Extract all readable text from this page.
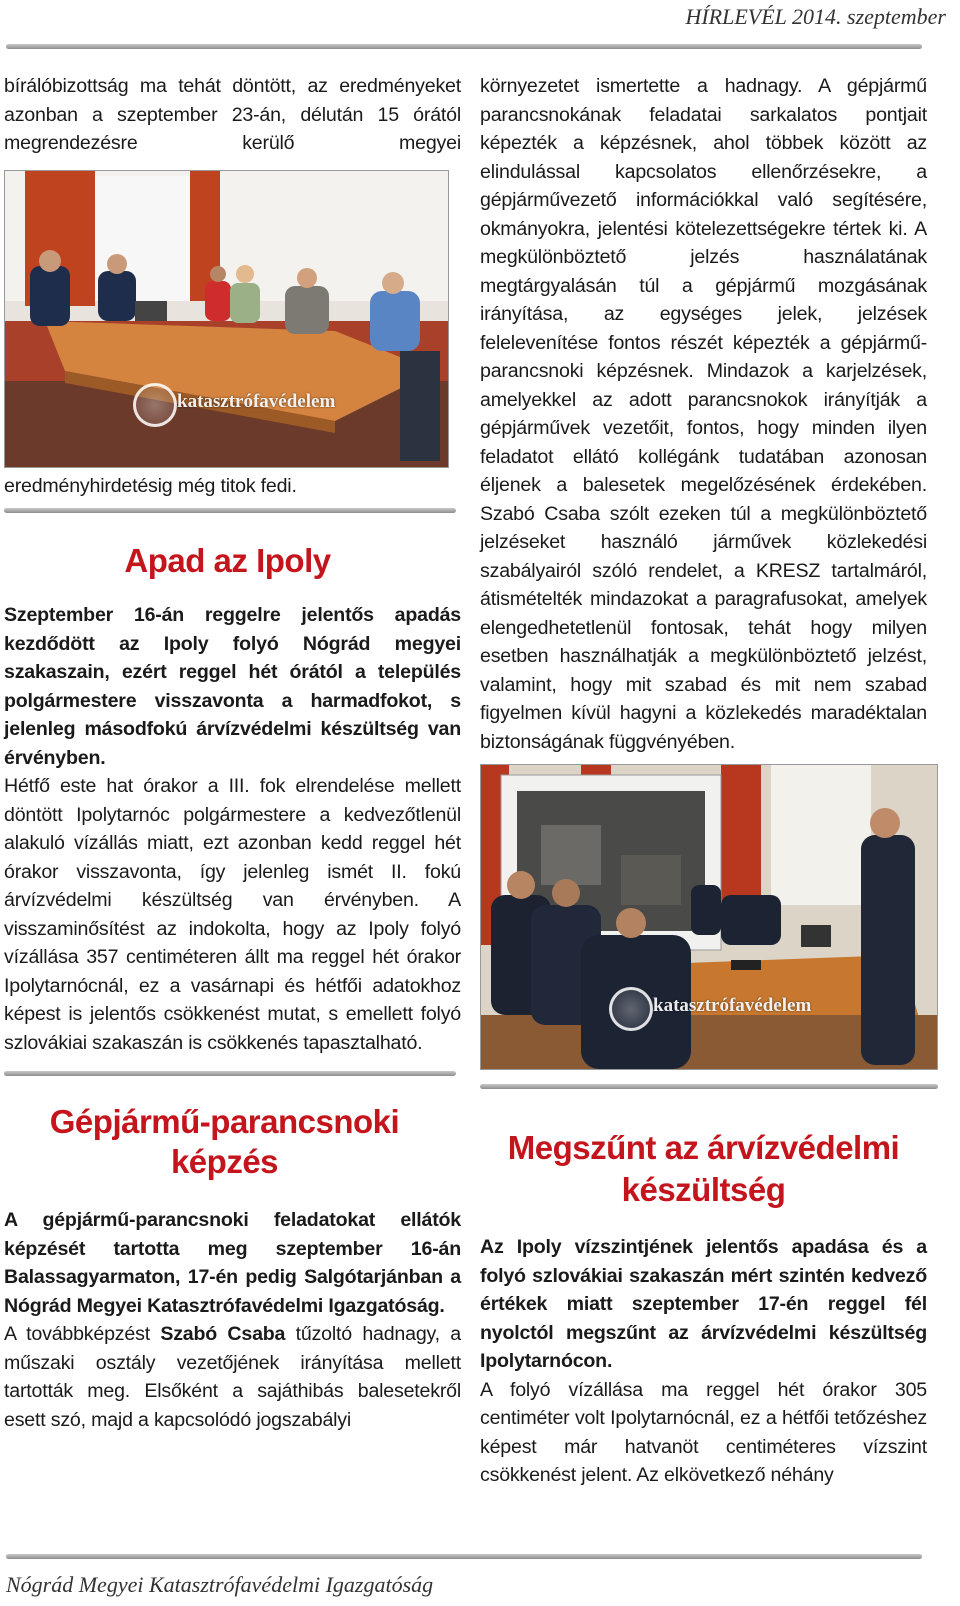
HÍRLEVÉL 2014. szeptember

bírálóbizottság ma tehát döntött, az eredményeket azonban a szeptember 23-án, délután 15 órától megrendezésre kerülő megyei

katasztrófavédelem

eredményhirdetésig még titok fedi.

Apad az Ipoly

Szeptember 16-án reggelre jelentős apadás kezdődött az Ipoly folyó Nógrád megyei szakaszain, ezért reggel hét órától a település polgármestere visszavonta a harmadfokot, s jelenleg másodfokú árvízvédelmi készültség van érvényben.

Hétfő este hat órakor a III. fok elrendelése mellett döntött Ipolytarnóc polgármestere a kedvezőtlenül alakuló vízállás miatt, ezt azonban kedd reggel hét órakor visszavonta, így jelenleg ismét II. fokú árvízvédelmi készültség van érvényben. A visszaminősítést az indokolta, hogy az Ipoly folyó vízállása 357 centiméteren állt ma reggel hét órakor Ipolytarnócnál, ez a vasárnapi és hétfői adatokhoz képest is jelentős csökkenést mutat, s emellett folyó szlovákiai szakaszán is csökkenés tapasztalható.

Gépjármű-parancsnoki képzés

A gépjármű-parancsnoki feladatokat ellátók képzését tartotta meg szeptember 16-án Balassagyarmaton, 17-én pedig Salgótarjánban a Nógrád Megyei Katasztrófavédelmi Igazgatóság.

A továbbképzést Szabó Csaba tűzoltó hadnagy, a műszaki osztály vezetőjének irányítása mellett tartották meg. Elsőként a sajáthibás balesetekről esett szó, majd a kapcsolódó jogszabályi

környezetet ismertette a hadnagy. A gépjármű parancsnokának feladatai sarkalatos pontjait képezték a képzésnek, ahol többek között az elindulással kapcsolatos ellenőrzésekre, a gépjárművezető információkkal való segítésére, okmányokra, jelentési kötelezettségekre tértek ki. A megkülönböztető jelzés használatának megtárgyalásán túl a gépjármű mozgásának irányítása, az egységes jelek, jelzések felelevenítése fontos részét képezték a gépjármű-parancsnoki képzésnek. Mindazok a karjelzések, amelyekkel az adott parancsnokok irányítják a gépjárművek vezetőit, fontos, hogy minden ilyen feladatot ellátó kollégánk tudatában azonosan éljenek a balesetek megelőzésének érdekében. Szabó Csaba szólt ezeken túl a megkülönböztető jelzéseket használó járművek közlekedési szabályairól szóló rendelet, a KRESZ tartalmáról, átismételték mindazokat a paragrafusokat, amelyek elengedhetetlenül fontosak, tehát hogy milyen esetben használhatják a megkülönböztető jelzést, valamint, hogy mit szabad és mit nem szabad figyelmen kívül hagyni a közlekedés maradéktalan biztonságának függvényében.

katasztrófavédelem
Megszűnt az árvízvédelmi
készültség

Az Ipoly vízszintjének jelentős apadása és a folyó szlovákiai szakaszán mért szintén kedvező értékek miatt szeptember 17-én reggel fél nyolctól megszűnt az árvízvédelmi készültség Ipolytarnócon.

A folyó vízállása ma reggel hét órakor 305 centiméter volt Ipolytarnócnál, ez a hétfői tetőzéshez képest már hatvanöt centiméteres vízszint csökkenést jelent. Az elkövetkező néhány

Nógrád Megyei Katasztrófavédelmi Igazgatóság
